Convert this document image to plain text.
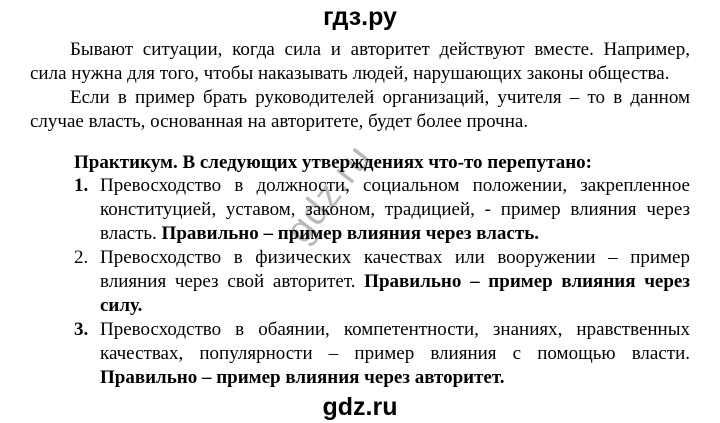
гдз.ру
gdz.ru

Бывают ситуации, когда сила и авторитет действуют вместе. Например, сила нужна для того, чтобы наказывать людей, нарушающих законы общества.

Если в пример брать руководителей организаций, учителя – то в данном случае власть, основанная на авторитете, будет более прочна.

Практикум. В следующих утверждениях что-то перепутано:

1. Превосходство в должности, социальном положении, закрепленное конституцией, уставом, законом, традицией, - пример влияния через власть. Правильно – пример влияния через власть.

2. Превосходство в физических качествах или вооружении – пример влияния через свой авторитет. Правильно – пример влияния через силу.

3. Превосходство в обаянии, компетентности, знаниях, нравственных качествах, популярности – пример влияния с помощью власти. Правильно – пример влияния через авторитет.

gdz.ru
